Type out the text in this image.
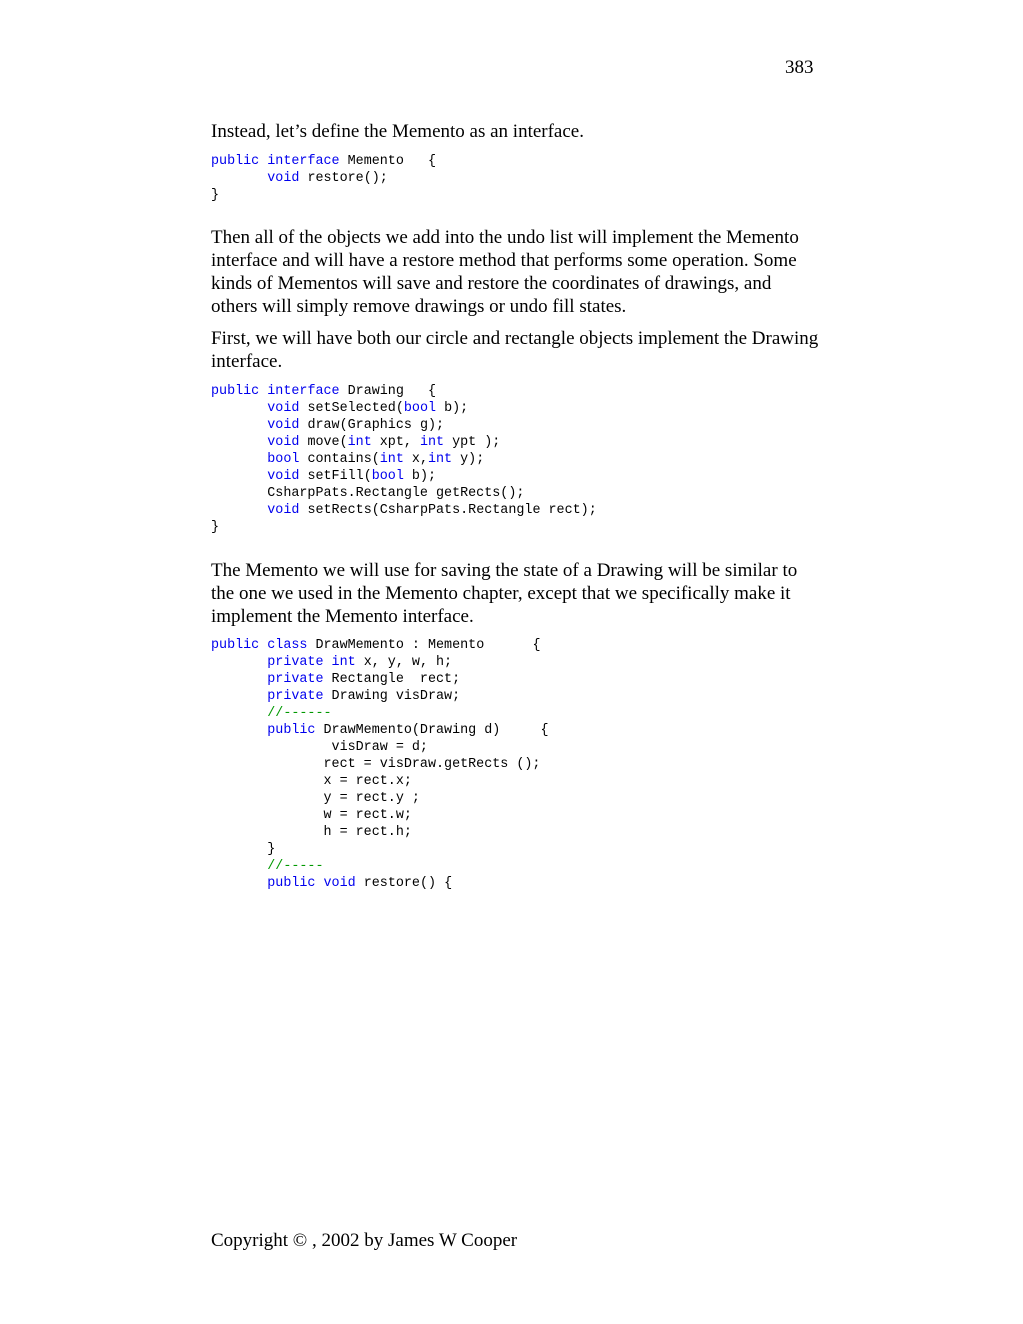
383

Instead, let’s define the Memento as an interface.

public interface Memento   {
void restore();
}

Then all of the objects we add into the undo list will implement the Memento interface and will have a restore method that performs some operation. Some kinds of Mementos will save and restore the coordinates of drawings, and others will simply remove drawings or undo fill states.

First, we will have both our circle and rectangle objects implement the Drawing interface.

public interface Drawing   {
void setSelected(bool b);
void draw(Graphics g);
void move(int xpt, int ypt );
bool contains(int x,int y);
void setFill(bool b);
CsharpPats.Rectangle getRects();
void setRects(CsharpPats.Rectangle rect);
}

The Memento we will use for saving the state of a Drawing will be similar to the one we used in the Memento chapter, except that we specifically make it implement the Memento interface.

public class DrawMemento : Memento      {
private int x, y, w, h;
private Rectangle  rect;
private Drawing visDraw;
//------
public DrawMemento(Drawing d)     {
visDraw = d;
rect = visDraw.getRects ();
x = rect.x;
y = rect.y ;
w = rect.w;
h = rect.h;
}
//-----
public void restore() {
Copyright © , 2002 by James W Cooper
